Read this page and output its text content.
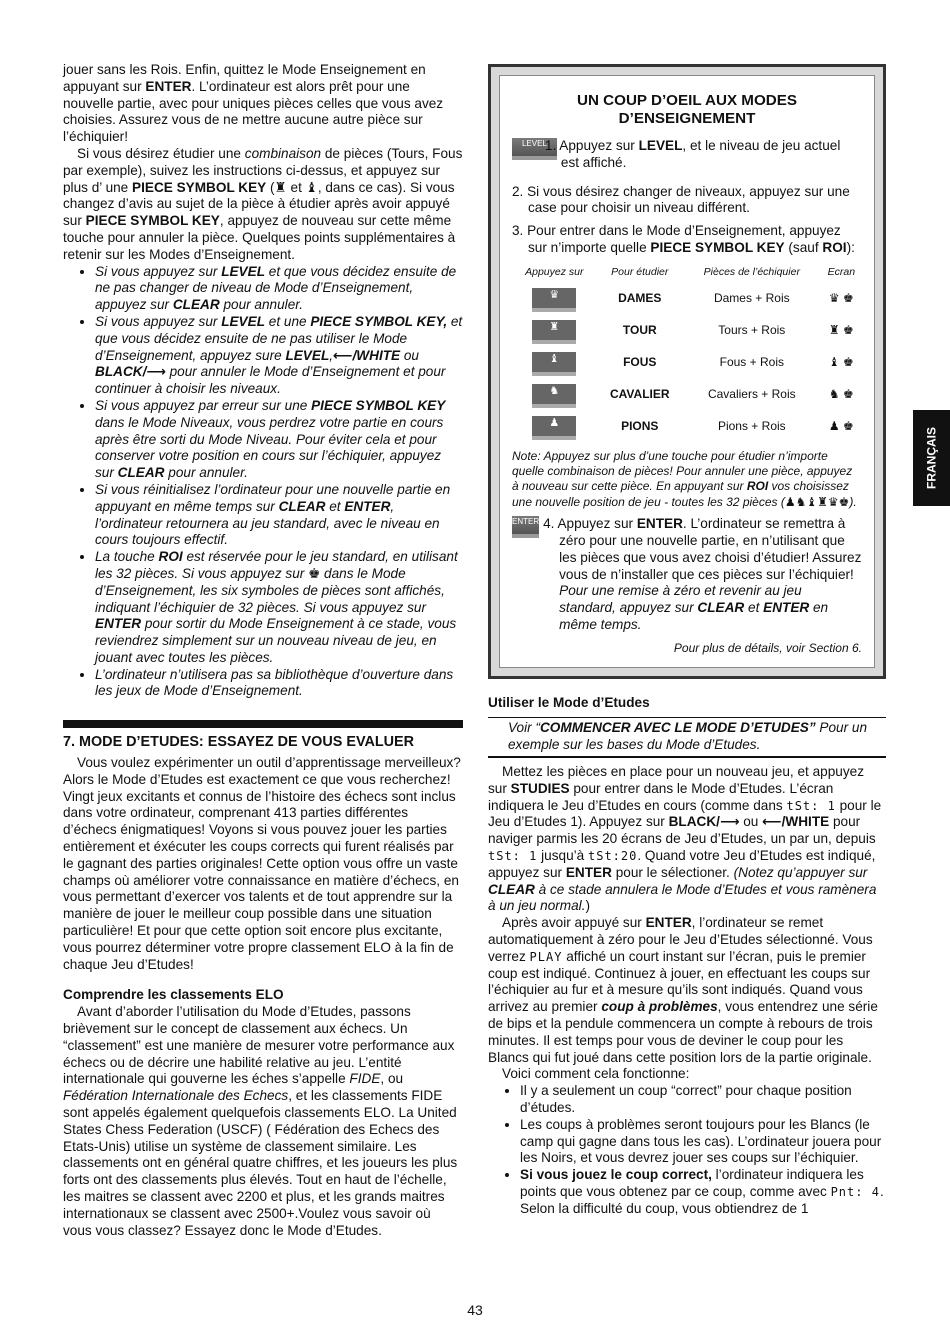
jouer sans les Rois. Enfin, quittez le Mode Enseignement en appuyant sur ENTER. L’ordinateur est alors prêt pour une nouvelle partie, avec pour uniques pièces celles que vous avez choisies. Assurez vous de ne mettre aucune autre pièce sur l’échiquier!

Si vous désirez étudier une combinaison de pièces (Tours, Fous par exemple), suivez les instructions ci-dessus, et appuyez sur plus d’ une PIECE SYMBOL KEY (♜ et ♝, dans ce cas). Si vous changez d’avis au sujet de la pièce à étudier après avoir appuyé sur PIECE SYMBOL KEY, appuyez de nouveau sur cette même touche pour annuler la pièce. Quelques points supplémentaires à retenir sur les Modes d’Enseignement.

• Si vous appuyez sur LEVEL et que vous décidez ensuite de ne pas changer de niveau de Mode d’Enseignement, appuyez sur CLEAR pour annuler.
• Si vous appuyez sur LEVEL et une PIECE SYMBOL KEY, et que vous décidez ensuite de ne pas utiliser le Mode d’Enseignement, appuyez sure LEVEL,⟵/WHITE ou BLACK/⟶ pour annuler le Mode d’Enseignement et pour continuer à choisir les niveaux.
• Si vous appuyez par erreur sur une PIECE SYMBOL KEY dans le Mode Niveaux, vous perdrez votre partie en cours après être sorti du Mode Niveau. Pour éviter cela et pour conserver votre position en cours sur l’échiquier, appuyez sur CLEAR pour annuler.
• Si vous réinitialisez l’ordinateur pour une nouvelle partie en appuyant en même temps sur CLEAR et ENTER, l’ordinateur retournera au jeu standard, avec le niveau en cours toujours effectif.
• La touche ROI est réservée pour le jeu standard, en utilisant les 32 pièces. Si vous appuyez sur ♚ dans le Mode d’Enseignement, les six symboles de pièces sont affichés, indiquant l’échiquier de 32 pièces. Si vous appuyez sur ENTER pour sortir du Mode Enseignement à ce stade, vous reviendrez simplement sur un nouveau niveau de jeu, en jouant avec toutes les pièces.
• L’ordinateur n’utilisera pas sa bibliothèque d’ouverture dans les jeux de Mode d’Enseignement.
7. MODE D’ETUDES: ESSAYEZ DE VOUS EVALUER

Vous voulez expérimenter un outil d’apprentissage merveilleux? Alors le Mode d’Etudes est exactement ce que vous recherchez! Vingt jeux excitants et connus de l’histoire des échecs sont inclus dans votre ordinateur, comprenant 413 parties différentes d’échecs énigmatiques! Voyons si vous pouvez jouer les parties entièrement et éxécuter les coups corrects qui furent réalisés par le gagnant des parties originales! Cette option vous offre un vaste champs où améliorer votre connaissance en matière d’échecs, en vous permettant d’exercer vos talents et de tout apprendre sur la manière de jouer le meilleur coup possible dans une situation particulière! Et pour que cette option soit encore plus excitante, vous pourrez déterminer votre propre classement ELO à la fin de chaque Jeu d’Etudes!

Comprendre les classements ELO

Avant d’aborder l’utilisation du Mode d’Etudes, passons brièvement sur le concept de classement aux échecs. Un “classement” est une manière de mesurer votre performance aux échecs ou de décrire une habilité relative au jeu. L’entité internationale qui gouverne les éches s’appelle FIDE, ou Fédération Internationale des Echecs, et les classements FIDE sont appelés également quelquefois classements ELO. La United States Chess Federation (USCF) ( Fédération des Echecs des Etats-Unis) utilise un système de classement similaire. Les classements ont en général quatre chiffres, et les joueurs les plus forts ont des classements plus élevés. Tout en haut de l’échelle, les maitres se classent avec 2200 et plus, et les grands maitres internationaux se classent avec 2500+.Voulez vous savoir où vous vous classez? Essayez donc le Mode d’Etudes.

UN COUP D’OEIL AUX MODES
D’ENSEIGNEMENT
LEVEL
1. Appuyez sur LEVEL, et le niveau de jeu actuel est affiché.
2. Si vous désirez changer de niveaux, appuyez sur une case pour choisir un niveau différent.
3. Pour entrer dans le Mode d’Enseignement, appuyez sur n’importe quelle PIECE SYMBOL KEY (sauf ROI):
Appuyez sur	Pour étudier	Pièces de l’échiquier	Ecran
♛	DAMES	Dames + Rois	♛ ♚
♜	TOUR	Tours + Rois	♜ ♚
♝	FOUS	Fous + Rois	♝ ♚
♞	CAVALIER	Cavaliers + Rois	♞ ♚
♟	PIONS	Pions + Rois	♟ ♚
Note: Appuyez sur plus d’une touche pour étudier n’importe quelle combinaison de pièces! Pour annuler une pièce, appuyez à nouveau sur cette pièce. En appuyant sur ROI vos choisissez une nouvelle position de jeu - toutes les 32 pièces (♟♞♝♜♛♚).
ENTER 4. Appuyez sur ENTER. L’ordinateur se remettra à zéro pour une nouvelle partie, en n’utilisant que les pièces que vous avez choisi d’étudier! Assurez vous de n’installer que ces pièces sur l’échiquier!
Pour une remise à zéro et revenir au jeu standard, appuyez sur CLEAR et ENTER en même temps.
Pour plus de détails, voir Section 6.
Utiliser le Mode d’Etudes
Voir “COMMENCER AVEC LE MODE D’ETUDES” Pour un exemple sur les bases du Mode d’Etudes.

Mettez les pièces en place pour un nouveau jeu, et appuyez sur STUDIES pour entrer dans le Mode d’Etudes. L’écran indiquera le Jeu d’Etudes en cours (comme dans tSt: 1 pour le Jeu d’Etudes 1). Appuyez sur BLACK/⟶ ou ⟵/WHITE pour naviger parmis les 20 écrans de Jeu d’Etudes, un par un, depuis tSt: 1 jusqu’à tSt:20. Quand votre Jeu d’Etudes est indiqué, appuyez sur ENTER pour le sélectioner. (Notez qu’appuyer sur CLEAR à ce stade annulera le Mode d’Etudes et vous ramènera à un jeu normal.)

Après avoir appuyé sur ENTER, l’ordinateur se remet automatiquement à zéro pour le Jeu d’Etudes sélectionné. Vous verrez PLAY affiché un court instant sur l’écran, puis le premier coup est indiqué. Continuez à jouer, en effectuant les coups sur l’échiquier au fur et à mesure qu’ils sont indiqués. Quand vous arrivez au premier coup à problèmes, vous entendrez une série de bips et la pendule commencera un compte à rebours de trois minutes. Il est temps pour vous de deviner le coup pour les Blancs qui fut joué dans cette position lors de la partie originale.

Voici comment cela fonctionne:

• Il y a seulement un coup “correct” pour chaque position d’études.
• Les coups à problèmes seront toujours pour les Blancs (le camp qui gagne dans tous les cas). L’ordinateur jouera pour les Noirs, et vous devrez jouer ses coups sur l’échiquier.
• Si vous jouez le coup correct, l’ordinateur indiquera les points que vous obtenez par ce coup, comme avec Pnt: 4. Selon la difficulté du coup, vous obtiendrez de 1
FRANÇAIS
43
